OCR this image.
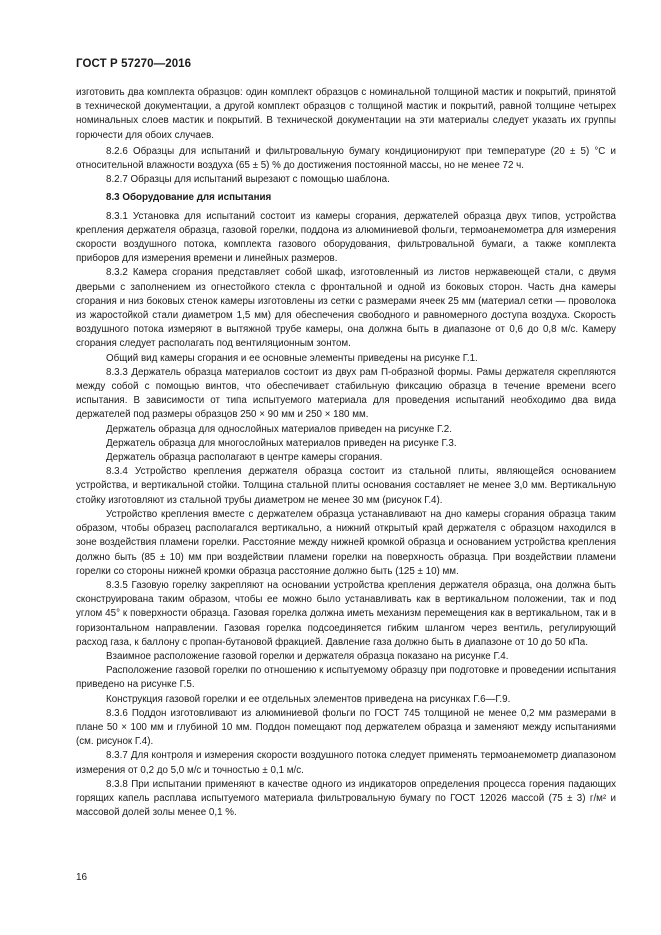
ГОСТ Р 57270—2016

изготовить два комплекта образцов: один комплект образцов с номинальной толщиной мастик и покрытий, принятой в технической документации, а другой комплект образцов с толщиной мастик и покрытий, равной толщине четырех номинальных слоев мастик и покрытий. В технической документации на эти материалы следует указать их группы горючести для обоих случаев.

8.2.6 Образцы для испытаний и фильтровальную бумагу кондиционируют при температуре (20 ± 5) °С и относительной влажности воздуха (65 ± 5) % до достижения постоянной массы, но не менее 72 ч.

8.2.7 Образцы для испытаний вырезают с помощью шаблона.

8.3 Оборудование для испытания

8.3.1 Установка для испытаний состоит из камеры сгорания, держателей образца двух типов, устройства крепления держателя образца, газовой горелки, поддона из алюминиевой фольги, термоанемометра для измерения скорости воздушного потока, комплекта газового оборудования, фильтровальной бумаги, а также комплекта приборов для измерения времени и линейных размеров.

8.3.2 Камера сгорания представляет собой шкаф, изготовленный из листов нержавеющей стали, с двумя дверьми с заполнением из огнестойкого стекла с фронтальной и одной из боковых сторон. Часть дна камеры сгорания и низ боковых стенок камеры изготовлены из сетки с размерами ячеек 25 мм (материал сетки — проволока из жаростойкой стали диаметром 1,5 мм) для обеспечения свободного и равномерного доступа воздуха. Скорость воздушного потока измеряют в вытяжной трубе камеры, она должна быть в диапазоне от 0,6 до 0,8 м/с. Камеру сгорания следует располагать под вентиляционным зонтом.

Общий вид камеры сгорания и ее основные элементы приведены на рисунке Г.1.

8.3.3 Держатель образца материалов состоит из двух рам П-образной формы. Рамы держателя скрепляются между собой с помощью винтов, что обеспечивает стабильную фиксацию образца в течение времени всего испытания. В зависимости от типа испытуемого материала для проведения испытаний необходимо два вида держателей под размеры образцов 250 × 90 мм и 250 × 180 мм.

Держатель образца для однослойных материалов приведен на рисунке Г.2.

Держатель образца для многослойных материалов приведен на рисунке Г.3.

Держатель образца располагают в центре камеры сгорания.

8.3.4 Устройство крепления держателя образца состоит из стальной плиты, являющейся основанием устройства, и вертикальной стойки. Толщина стальной плиты основания составляет не менее 3,0 мм. Вертикальную стойку изготовляют из стальной трубы диаметром не менее 30 мм (рисунок Г.4).

Устройство крепления вместе с держателем образца устанавливают на дно камеры сгорания образца таким образом, чтобы образец располагался вертикально, а нижний открытый край держателя с образцом находился в зоне воздействия пламени горелки. Расстояние между нижней кромкой образца и основанием устройства крепления должно быть (85 ± 10) мм при воздействии пламени горелки на поверхность образца. При воздействии пламени горелки со стороны нижней кромки образца расстояние должно быть (125 ± 10) мм.

8.3.5 Газовую горелку закрепляют на основании устройства крепления держателя образца, она должна быть сконструирована таким образом, чтобы ее можно было устанавливать как в вертикальном положении, так и под углом 45° к поверхности образца. Газовая горелка должна иметь механизм перемещения как в вертикальном, так и в горизонтальном направлении. Газовая горелка подсоединяется гибким шлангом через вентиль, регулирующий расход газа, к баллону с пропан-бутановой фракцией. Давление газа должно быть в диапазоне от 10 до 50 кПа.

Взаимное расположение газовой горелки и держателя образца показано на рисунке Г.4.

Расположение газовой горелки по отношению к испытуемому образцу при подготовке и проведении испытания приведено на рисунке Г.5.

Конструкция газовой горелки и ее отдельных элементов приведена на рисунках Г.6—Г.9.

8.3.6 Поддон изготовливают из алюминиевой фольги по ГОСТ 745 толщиной не менее 0,2 мм размерами в плане 50 × 100 мм и глубиной 10 мм. Поддон помещают под держателем образца и заменяют между испытаниями (см. рисунок Г.4).

8.3.7 Для контроля и измерения скорости воздушного потока следует применять термоанемометр диапазоном измерения от 0,2 до 5,0 м/с и точностью ± 0,1 м/с.

8.3.8 При испытании применяют в качестве одного из индикаторов определения процесса горения падающих горящих капель расплава испытуемого материала фильтровальную бумагу по ГОСТ 12026 массой (75 ± 3) г/м² и массовой долей золы менее 0,1 %.

16
